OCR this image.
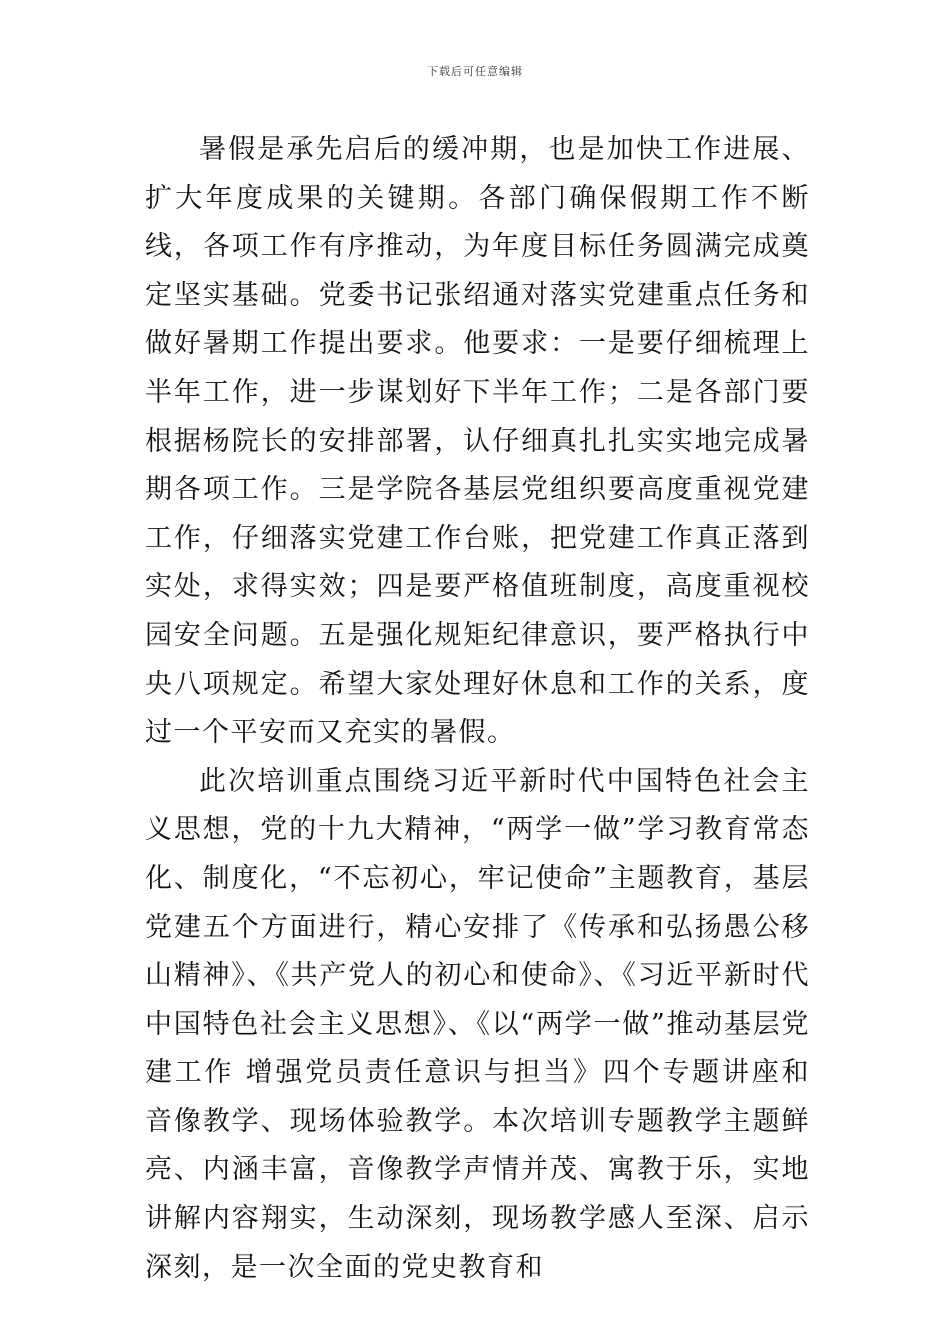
下载后可任意编辑

暑假是承先启后的缓冲期，也是加快工作进展、扩大年度成果的关键期。各部门确保假期工作不断线，各项工作有序推动，为年度目标任务圆满完成奠定坚实基础。党委书记张绍通对落实党建重点任务和做好暑期工作提出要求。他要求：一是要仔细梳理上半年工作，进一步谋划好下半年工作；二是各部门要根据杨院长的安排部署，认仔细真扎扎实实地完成暑期各项工作。三是学院各基层党组织要高度重视党建工作，仔细落实党建工作台账，把党建工作真正落到实处，求得实效；四是要严格值班制度，高度重视校园安全问题。五是强化规矩纪律意识，要严格执行中央八项规定。希望大家处理好休息和工作的关系，度过一个平安而又充实的暑假。

此次培训重点围绕习近平新时代中国特色社会主义思想，党的十九大精神，“两学一做”学习教育常态化、制度化，“不忘初心，牢记使命”主题教育，基层党建五个方面进行，精心安排了《传承和弘扬愚公移山精神》、《共产党人的初心和使命》、《习近平新时代中国特色社会主义思想》、《以“两学一做”推动基层党建工作 增强党员责任意识与担当》四个专题讲座和音像教学、现场体验教学。本次培训专题教学主题鲜亮、内涵丰富，音像教学声情并茂、寓教于乐，实地讲解内容翔实，生动深刻，现场教学感人至深、启示深刻，是一次全面的党史教育和
